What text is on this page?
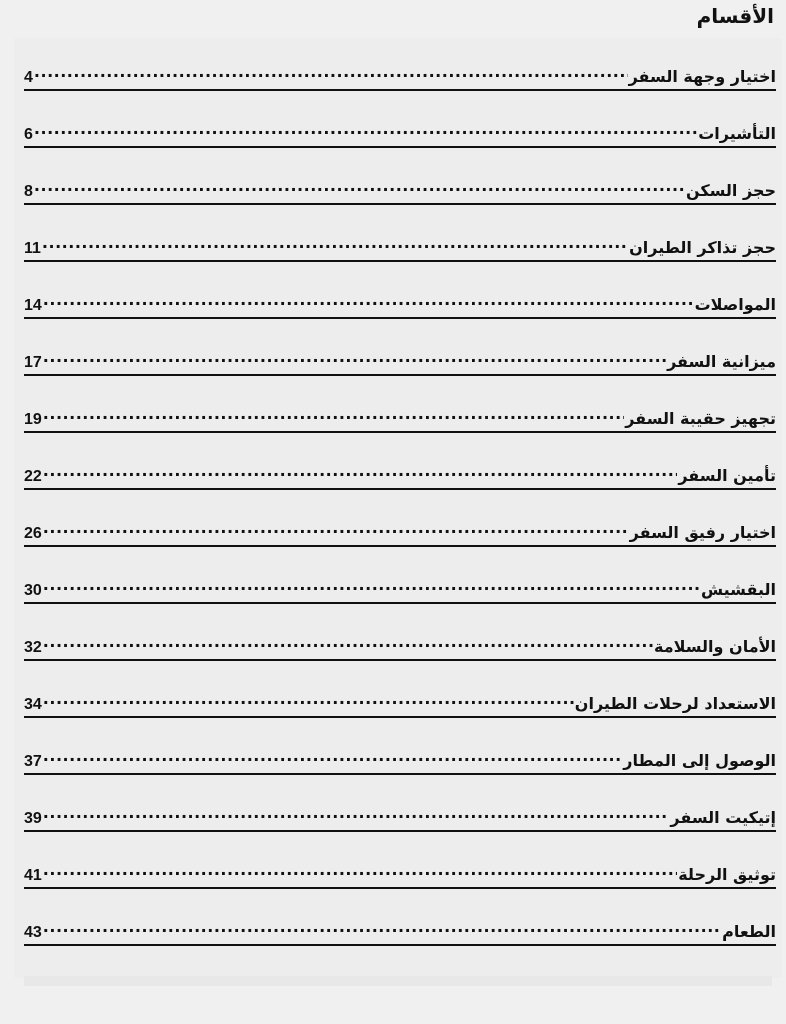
الأقسام
اختيار وجهة السفر
.....
4
التأشيرات
.....
6
حجز السكن
.....
8
حجز تذاكر الطيران
.....
11
المواصلات
.....
14
ميزانية السفر
.....
17
تجهيز حقيبة السفر
.....
19
تأمين السفر
.....
22
اختيار رفيق السفر
.....
26
البقشيش
.....
30
الأمان والسلامة
.....
32
الاستعداد لرحلات الطيران
.....
34
الوصول إلى المطار
.....
37
إتيكيت السفر
.....
39
توثيق الرحلة
.....
41
الطعام
.....
43
